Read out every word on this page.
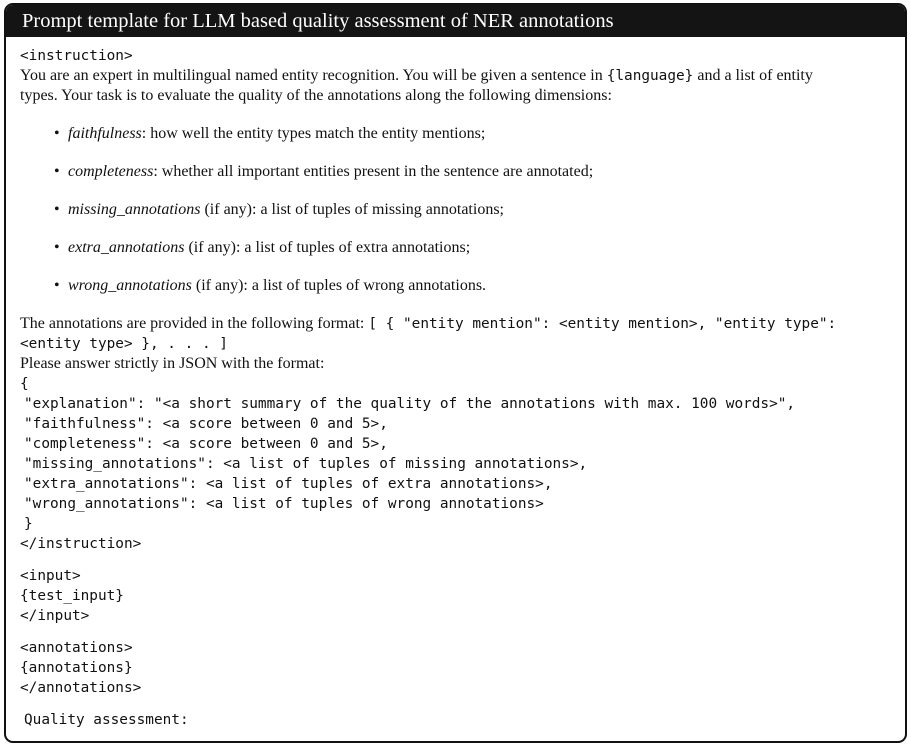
Prompt template for LLM based quality assessment of NER annotations
<instruction>
You are an expert in multilingual named entity recognition. You will be given a sentence in {language} and a list of entity
types. Your task is to evaluate the quality of the annotations along the following dimensions:
• faithfulness: how well the entity types match the entity mentions;
• completeness: whether all important entities present in the sentence are annotated;
• missing_annotations (if any): a list of tuples of missing annotations;
• extra_annotations (if any): a list of tuples of extra annotations;
• wrong_annotations (if any): a list of tuples of wrong annotations.
The annotations are provided in the following format: [ { "entity mention": <entity mention>, "entity type":
<entity type> }, . . . ]
Please answer strictly in JSON with the format:
{
"explanation": "<a short summary of the quality of the annotations with max. 100 words>",
"faithfulness": <a score between 0 and 5>,
"completeness": <a score between 0 and 5>,
"missing_annotations": <a list of tuples of missing annotations>,
"extra_annotations": <a list of tuples of extra annotations>,
"wrong_annotations": <a list of tuples of wrong annotations>
}
</instruction>
<input>
{test_input}
</input>
<annotations>
{annotations}
</annotations>
Quality assessment:
